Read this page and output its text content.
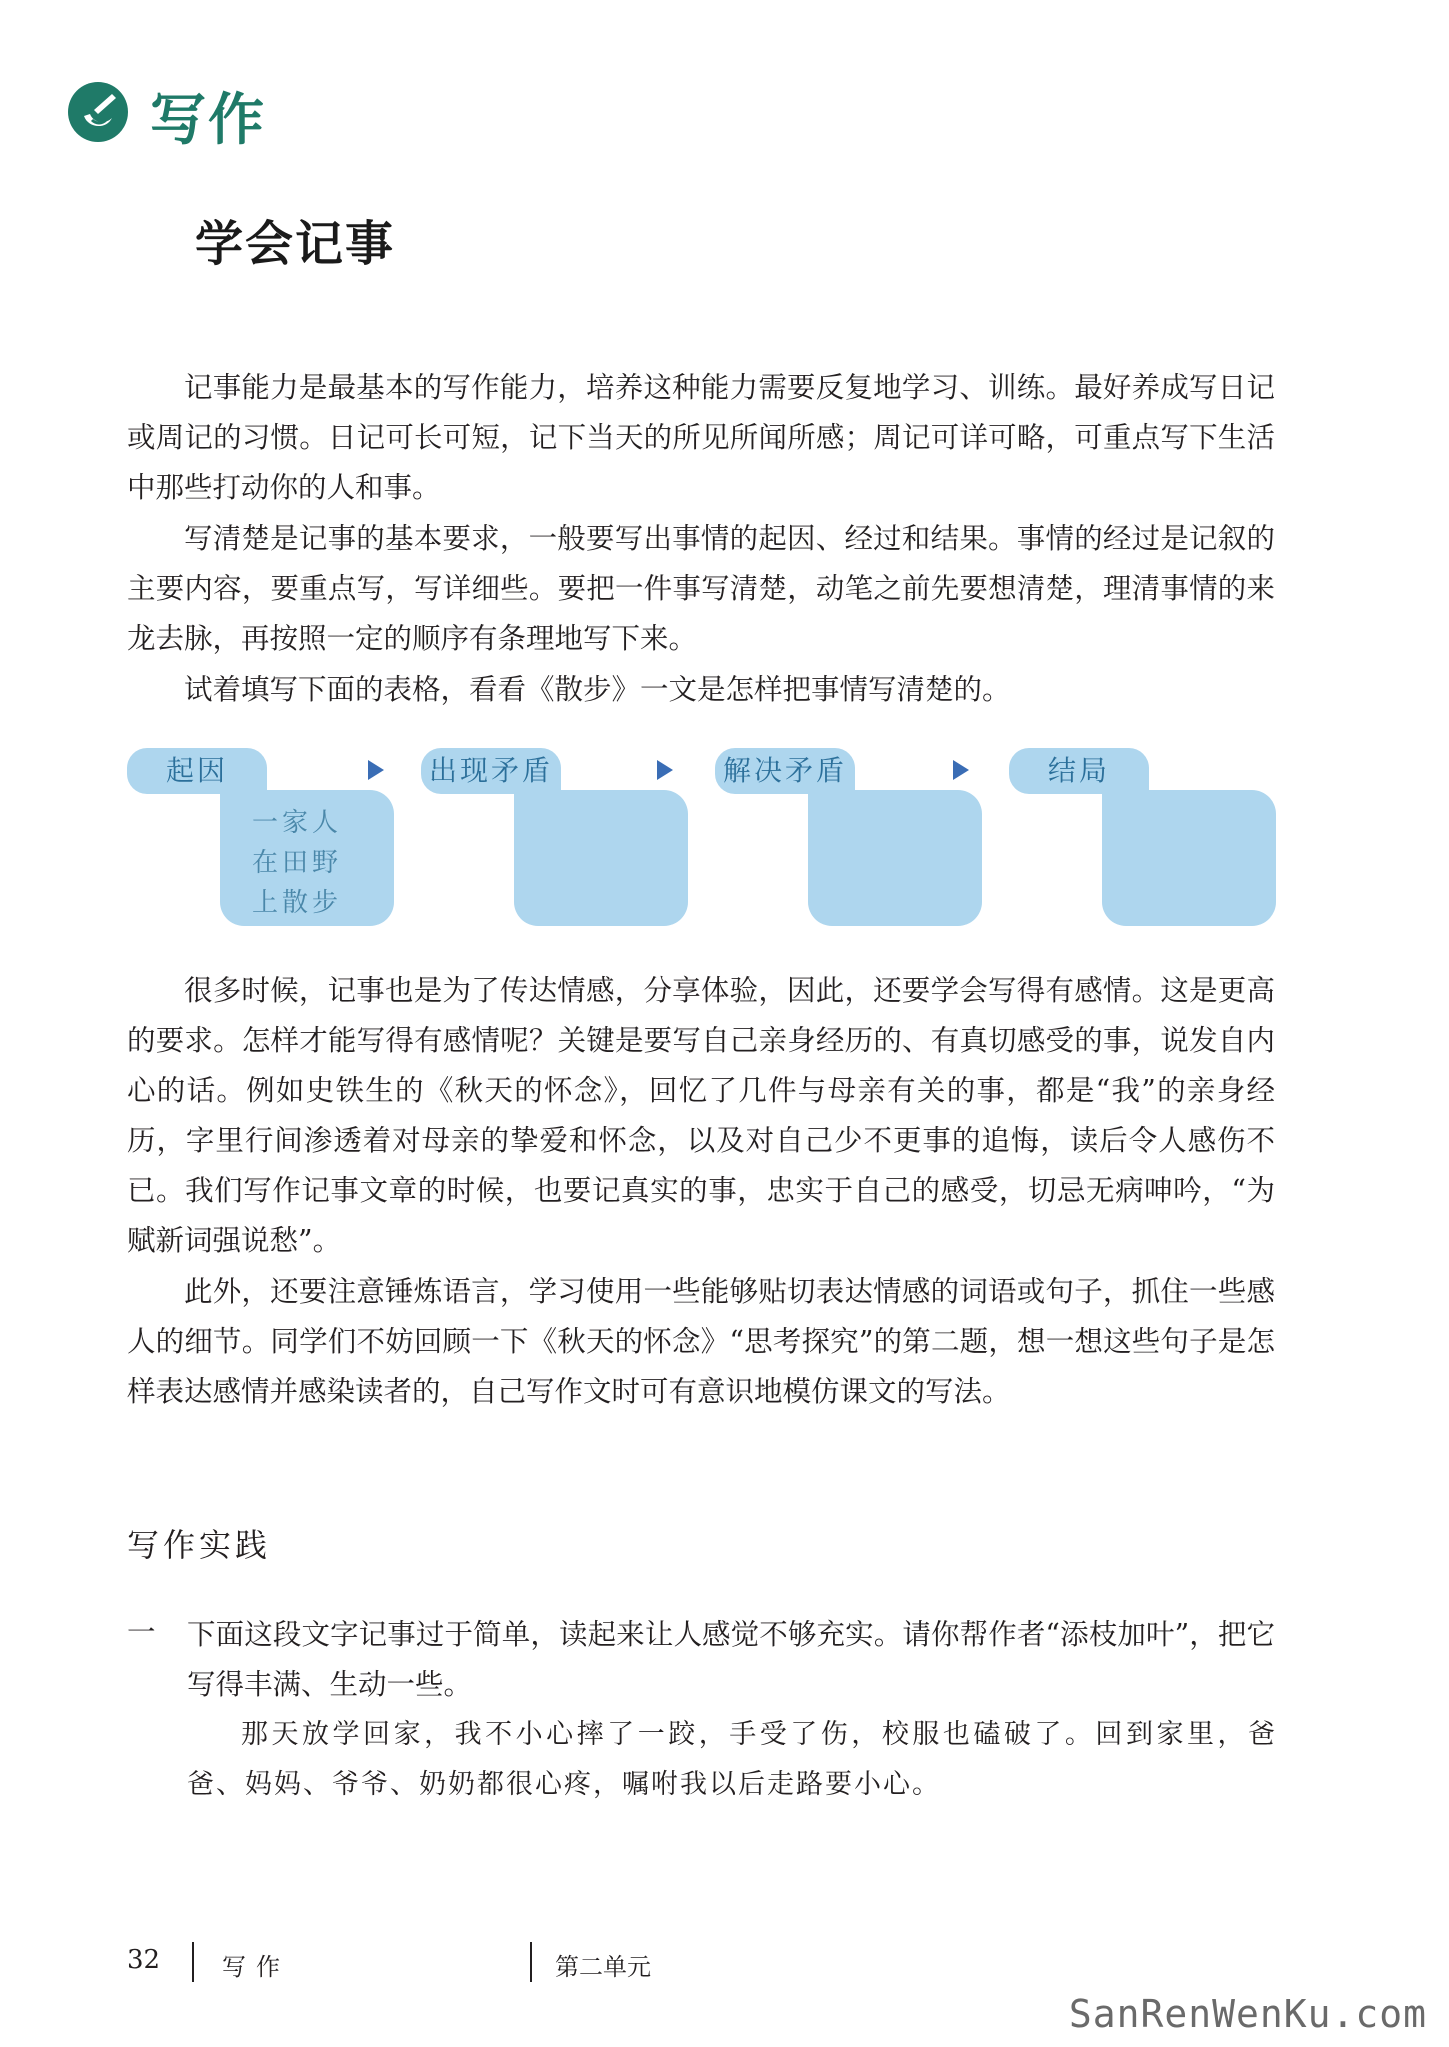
写作
学会记事

记事能力是最基本的写作能力，培养这种能力需要反复地学习、训练。最好养成写日记或周记的习惯。日记可长可短，记下当天的所见所闻所感；周记可详可略，可重点写下生活中那些打动你的人和事。

写清楚是记事的基本要求，一般要写出事情的起因、经过和结果。事情的经过是记叙的主要内容，要重点写，写详细些。要把一件事写清楚，动笔之前先要想清楚，理清事情的来龙去脉，再按照一定的顺序有条理地写下来。

试着填写下面的表格，看看《散步》一文是怎样把事情写清楚的。

起因	出现矛盾	解决矛盾	结局
一家人在田野上散步

很多时候，记事也是为了传达情感，分享体验，因此，还要学会写得有感情。这是更高的要求。怎样才能写得有感情呢？关键是要写自己亲身经历的、有真切感受的事，说发自内心的话。例如史铁生的《秋天的怀念》，回忆了几件与母亲有关的事，都是“我”的亲身经历，字里行间渗透着对母亲的挚爱和怀念，以及对自己少不更事的追悔，读后令人感伤不已。我们写作记事文章的时候，也要记真实的事，忠实于自己的感受，切忌无病呻吟，“为赋新词强说愁”。

此外，还要注意锤炼语言，学习使用一些能够贴切表达情感的词语或句子，抓住一些感人的细节。同学们不妨回顾一下《秋天的怀念》“思考探究”的第二题，想一想这些句子是怎样表达感情并感染读者的，自己写作文时可有意识地模仿课文的写法。

写作实践
一 下面这段文字记事过于简单，读起来让人感觉不够充实。请你帮作者“添枝加叶”，把它写得丰满、生动一些。
那天放学回家，我不小心摔了一跤，手受了伤，校服也磕破了。回到家里，爸爸、妈妈、爷爷、奶奶都很心疼，嘱咐我以后走路要小心。
32	写作	第二单元
SanRenWenKu.com
